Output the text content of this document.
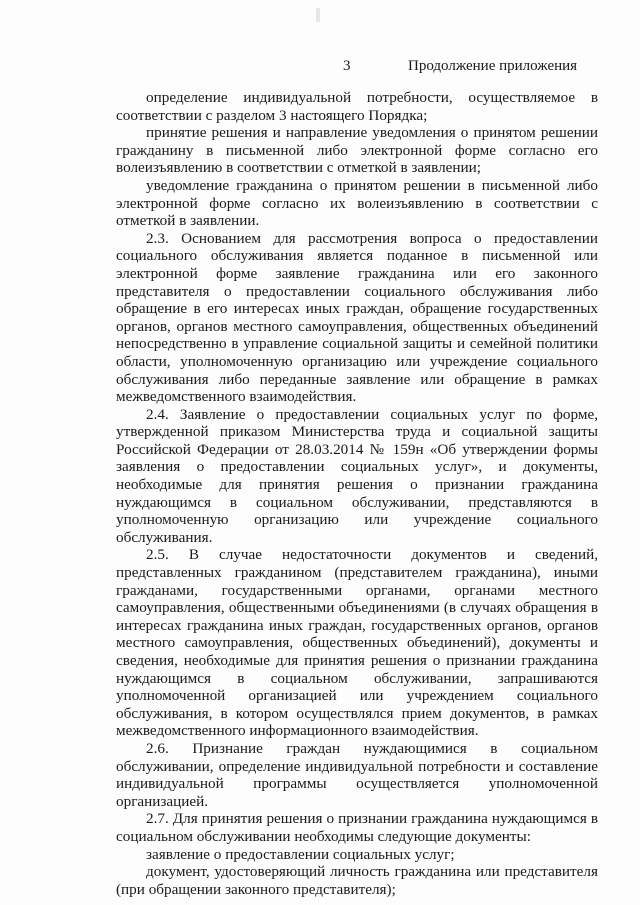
3	Продолжение приложения

определение индивидуальной потребности, осуществляемое в соответствии с разделом 3 настоящего Порядка;

принятие решения и направление уведомления о принятом решении гражданину в письменной либо электронной форме согласно его волеизъявлению в соответствии с отметкой в заявлении;

уведомление гражданина о принятом решении в письменной либо электронной форме согласно их волеизъявлению в соответствии с отметкой в заявлении.

2.3. Основанием для рассмотрения вопроса о предоставлении социального обслуживания является поданное в письменной или электронной форме заявление гражданина или его законного представителя о предоставлении социального обслуживания либо обращение в его интересах иных граждан, обращение государственных органов, органов местного самоуправления, общественных объединений непосредственно в управление социальной защиты и семейной политики области, уполномоченную организацию или учреждение социального обслуживания либо переданные заявление или обращение в рамках межведомственного взаимодействия.

2.4. Заявление о предоставлении социальных услуг по форме, утвержденной приказом Министерства труда и социальной защиты Российской Федерации от 28.03.2014 № 159н «Об утверждении формы заявления о предоставлении социальных услуг», и документы, необходимые для принятия решения о признании гражданина нуждающимся в социальном обслуживании, представляются в уполномоченную организацию или учреждение социального обслуживания.

2.5. В случае недостаточности документов и сведений, представленных гражданином (представителем гражданина), иными гражданами, государственными органами, органами местного самоуправления, общественными объединениями (в случаях обращения в интересах гражданина иных граждан, государственных органов, органов местного самоуправления, общественных объединений), документы и сведения, необходимые для принятия решения о признании гражданина нуждающимся в социальном обслуживании, запрашиваются уполномоченной организацией или учреждением социального обслуживания, в котором осуществлялся прием документов, в рамках межведомственного информационного взаимодействия.

2.6. Признание граждан нуждающимися в социальном обслуживании, определение индивидуальной потребности и составление индивидуальной программы осуществляется уполномоченной организацией.

2.7. Для принятия решения о признании гражданина нуждающимся в социальном обслуживании необходимы следующие документы:

заявление о предоставлении социальных услуг;

документ, удостоверяющий личность гражданина или представителя (при обращении законного представителя);
